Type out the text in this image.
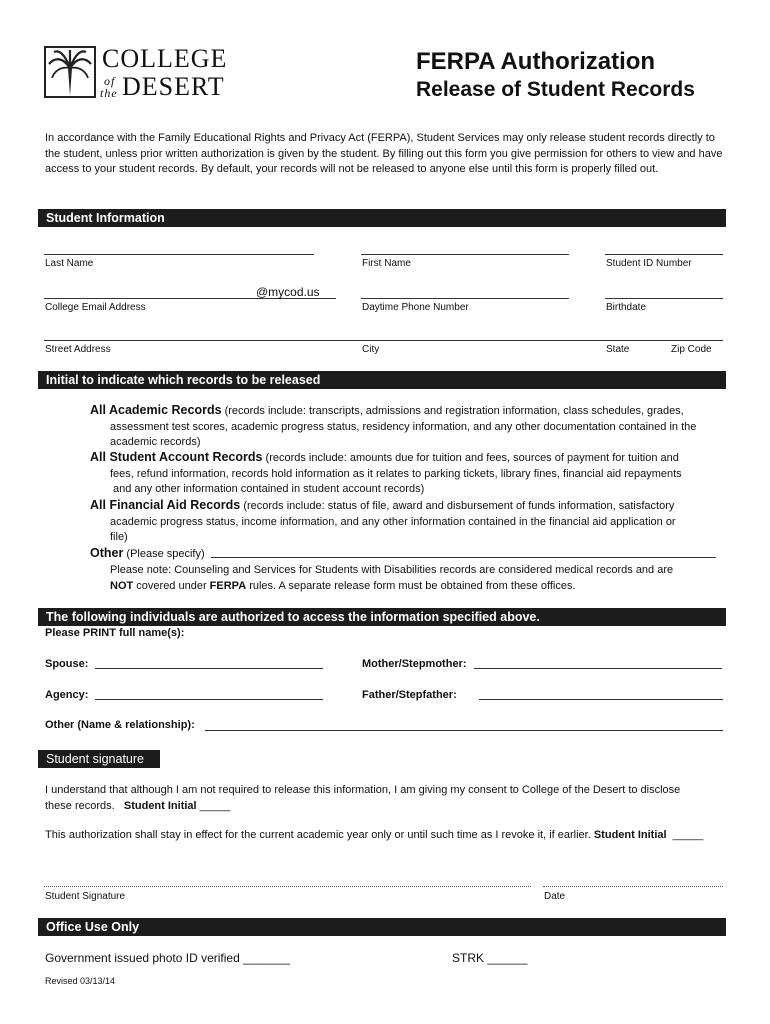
COLLEGE
of
the DESERT
FERPA Authorization
Release of Student Records
In accordance with the Family Educational Rights and Privacy Act (FERPA), Student Services may only release student records directly to the student, unless prior written authorization is given by the student. By filling out this form you give permission for others to view and have access to your student records. By default, your records will not be released to anyone else until this form is properly filled out.
Student Information
Last Name	First Name	Student ID Number
@mycod.us
College Email Address	Daytime Phone Number	Birthdate
Street Address	City	State	Zip Code
Initial to indicate which records to be released
All Academic Records (records include: transcripts, admissions and registration information, class schedules, grades,
assessment test scores, academic progress status, residency information, and any other documentation contained in the
academic records)
All Student Account Records (records include: amounts due for tuition and fees, sources of payment for tuition and
fees, refund information, records hold information as it relates to parking tickets, library fines, financial aid repayments
and any other information contained in student account records)
All Financial Aid Records (records include: status of file, award and disbursement of funds information, satisfactory
academic progress status, income information, and any other information contained in the financial aid application or
file)
Other (Please specify)
Please note: Counseling and Services for Students with Disabilities records are considered medical records and are
NOT covered under FERPA rules. A separate release form must be obtained from these offices.
The following individuals are authorized to access the information specified above.
Please PRINT full name(s):
Spouse:	Mother/Stepmother:
Agency:	Father/Stepfather:
Other (Name & relationship):
Student signature
I understand that although I am not required to release this information, I am giving my consent to College of the Desert to disclose
these records. Student Initial _____
This authorization shall stay in effect for the current academic year only or until such time as I revoke it, if earlier. Student Initial _____
Student Signature	Date
Office Use Only
Government issued photo ID verified _______	STRK ______
Revised 03/13/14
